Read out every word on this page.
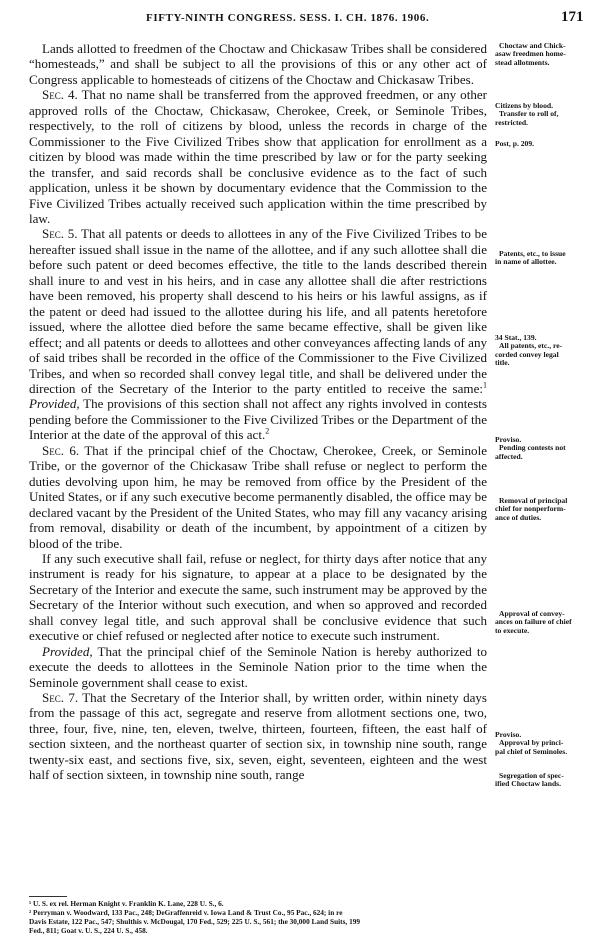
FIFTY-NINTH CONGRESS. SESS. I. CH. 1876. 1906.	171

Lands allotted to freedmen of the Choctaw and Chickasaw Tribes shall be considered “homesteads,” and shall be subject to all the provisions of this or any other act of Congress applicable to homesteads of citizens of the Choctaw and Chickasaw Tribes.

Sec. 4. That no name shall be transferred from the approved freedmen, or any other approved rolls of the Choctaw, Chickasaw, Cherokee, Creek, or Seminole Tribes, respectively, to the roll of citizens by blood, unless the records in charge of the Commissioner to the Five Civilized Tribes show that application for enrollment as a citizen by blood was made within the time prescribed by law or for the party seeking the transfer, and said records shall be conclusive evidence as to the fact of such application, unless it be shown by documentary evidence that the Commission to the Five Civilized Tribes actually received such application within the time prescribed by law.

Sec. 5. That all patents or deeds to allottees in any of the Five Civilized Tribes to be hereafter issued shall issue in the name of the allottee, and if any such allottee shall die before such patent or deed becomes effective, the title to the lands described therein shall inure to and vest in his heirs, and in case any allottee shall die after restrictions have been removed, his property shall descend to his heirs or his lawful assigns, as if the patent or deed had issued to the allottee during his life, and all patents heretofore issued, where the allottee died before the same became effective, shall be given like effect; and all patents or deeds to allottees and other conveyances affecting lands of any of said tribes shall be recorded in the office of the Commissioner to the Five Civilized Tribes, and when so recorded shall convey legal title, and shall be delivered under the direction of the Secretary of the Interior to the party entitled to receive the same:$^1$ Provided, The provisions of this section shall not affect any rights involved in contests pending before the Commissioner to the Five Civilized Tribes or the Department of the Interior at the date of the approval of this act.$^2$

Sec. 6. That if the principal chief of the Choctaw, Cherokee, Creek, or Seminole Tribe, or the governor of the Chickasaw Tribe shall refuse or neglect to perform the duties devolving upon him, he may be removed from office by the President of the United States, or if any such executive become permanently disabled, the office may be declared vacant by the President of the United States, who may fill any vacancy arising from removal, disability or death of the incumbent, by appointment of a citizen by blood of the tribe.

If any such executive shall fail, refuse or neglect, for thirty days after notice that any instrument is ready for his signature, to appear at a place to be designated by the Secretary of the Interior and execute the same, such instrument may be approved by the Secretary of the Interior without such execution, and when so approved and recorded shall convey legal title, and such approval shall be conclusive evidence that such executive or chief refused or neglected after notice to execute such instrument.

Provided, That the principal chief of the Seminole Nation is hereby authorized to execute the deeds to allottees in the Seminole Nation prior to the time when the Seminole government shall cease to exist.

Sec. 7. That the Secretary of the Interior shall, by written order, within ninety days from the passage of this act, segregate and reserve from allotment sections one, two, three, four, five, nine, ten, eleven, twelve, thirteen, fourteen, fifteen, the east half of section sixteen, and the northeast quarter of section six, in township nine south, range twenty-six east, and sections five, six, seven, eight, seventeen, eighteen and the west half of section sixteen, in township nine south, range

Choctaw and Chick-
asaw freedmen home-
stead allotments.
Citizens by blood.
Transfer to roll of,
restricted.
Post, p. 209.
Patents, etc., to issue
in name of allottee.
34 Stat., 139.
All patents, etc., re-
corded convey legal
title.
Proviso.
Pending contests not
affected.
Removal of principal
chief for nonperform-
ance of duties.
Approval of convey-
ances on failure of chief
to execute.
Proviso.
Approval by princi-
pal chief of Seminoles.
Segregation of spec-
ified Choctaw lands.
¹ U. S. ex rel. Herman Knight v. Franklin K. Lane, 228 U. S., 6.
² Perryman v. Woodward, 133 Pac., 248; DeGraffenreid v. Iowa Land & Trust Co., 95 Pac., 624; in re
Davis Estate, 122 Pac., 547; Shulthis v. McDougal, 170 Fed., 529; 225 U. S., 561; the 30,000 Land Suits, 199
Fed., 811; Goat v. U. S., 224 U. S., 458.
